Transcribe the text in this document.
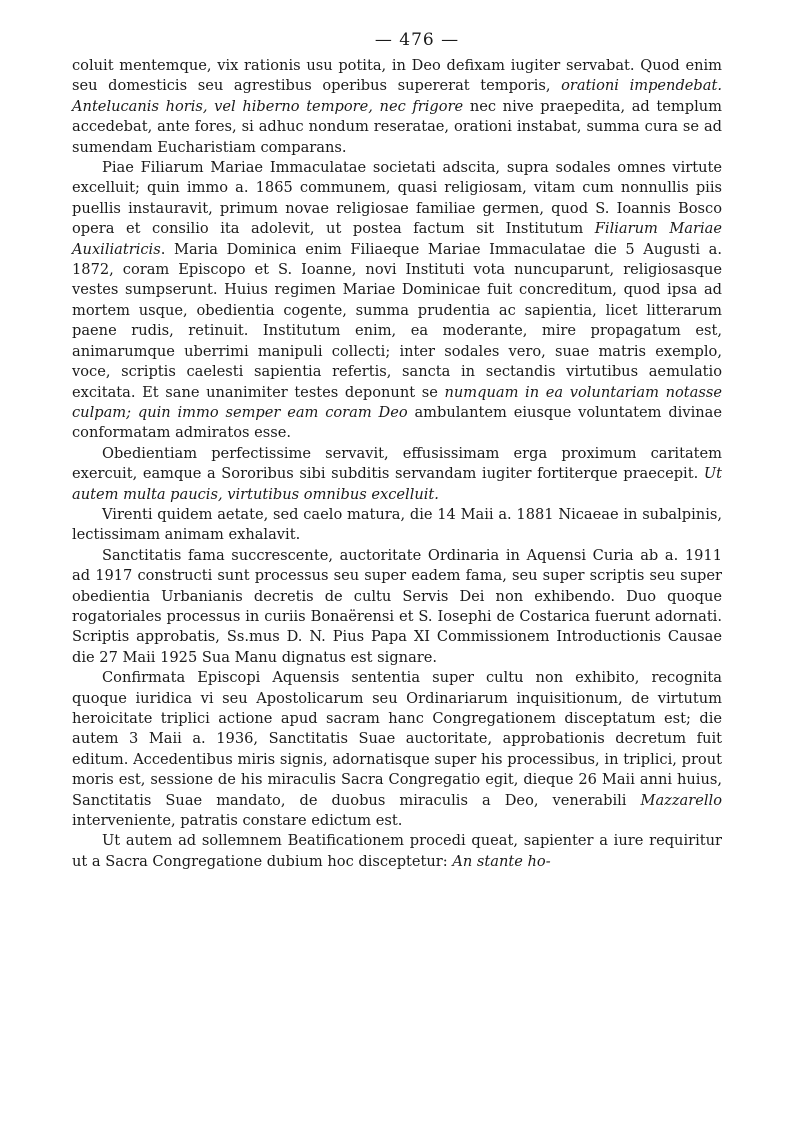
— 476 —

coluit mentemque, vix rationis usu potita, in Deo defixam iugiter servabat. Quod enim seu domesticis seu agrestibus operibus supererat temporis, orationi impendebat. Antelucanis horis, vel hiberno tempore, nec frigore nec nive praepedita, ad templum accedebat, ante fores, si adhuc nondum reseratae, orationi instabat, summa cura se ad sumendam Eucharistiam comparans.

Piae Filiarum Mariae Immaculatae societati adscita, supra sodales omnes virtute excelluit; quin immo a. 1865 communem, quasi religiosam, vitam cum nonnullis piis puellis instauravit, primum novae religiosae familiae germen, quod S. Ioannis Bosco opera et consilio ita adolevit, ut postea factum sit Institutum Filiarum Mariae Auxiliatricis. Maria Dominica enim Filiaeque Mariae Immaculatae die 5 Augusti a. 1872, coram Episcopo et S. Ioanne, novi Instituti vota nuncuparunt, religiosasque vestes sumpserunt. Huius regimen Mariae Dominicae fuit concreditum, quod ipsa ad mortem usque, obedientia cogente, summa prudentia ac sapientia, licet litterarum paene rudis, retinuit. Institutum enim, ea moderante, mire propagatum est, animarumque uberrimi manipuli collecti; inter sodales vero, suae matris exemplo, voce, scriptis caelesti sapientia refertis, sancta in sectandis virtutibus aemulatio excitata. Et sane unanimiter testes deponunt se numquam in ea voluntariam notasse culpam; quin immo semper eam coram Deo ambulantem eiusque voluntatem divinae conformatam admiratos esse.

Obedientiam perfectissime servavit, effusissimam erga proximum caritatem exercuit, eamque a Sororibus sibi subditis servandam iugiter fortiterque praecepit. Ut autem multa paucis, virtutibus omnibus excelluit.

Virenti quidem aetate, sed caelo matura, die 14 Maii a. 1881 Nicaeae in subalpinis, lectissimam animam exhalavit.

Sanctitatis fama succrescente, auctoritate Ordinaria in Aquensi Curia ab a. 1911 ad 1917 constructi sunt processus seu super eadem fama, seu super scriptis seu super obedientia Urbanianis decretis de cultu Servis Dei non exhibendo. Duo quoque rogatoriales processus in curiis Bonaërensi et S. Iosephi de Costarica fuerunt adornati. Scriptis approbatis, Ss.mus D. N. Pius Papa XI Commissionem Introductionis Causae die 27 Maii 1925 Sua Manu dignatus est signare.

Confirmata Episcopi Aquensis sententia super cultu non exhibito, recognita quoque iuridica vi seu Apostolicarum seu Ordinariarum inquisitionum, de virtutum heroicitate triplici actione apud sacram hanc Congregationem disceptatum est; die autem 3 Maii a. 1936, Sanctitatis Suae auctoritate, approbationis decretum fuit editum. Accedentibus miris signis, adornatisque super his processibus, in triplici, prout moris est, sessione de his miraculis Sacra Congregatio egit, dieque 26 Maii anni huius, Sanctitatis Suae mandato, de duobus miraculis a Deo, venerabili Mazzarello interveniente, patratis constare edictum est.

Ut autem ad sollemnem Beatificationem procedi queat, sapienter a iure requiritur ut a Sacra Congregatione dubium hoc disceptetur: An stante ho-
